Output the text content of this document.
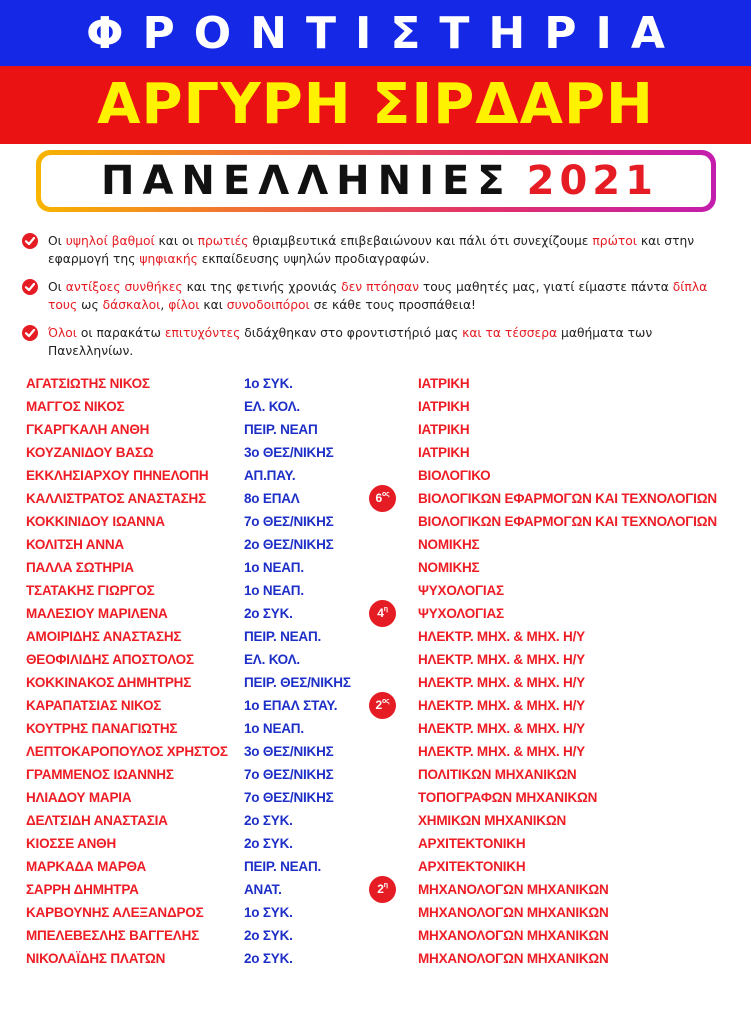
ΦΡΟΝΤΙΣΤΗΡΙΑ
ΑΡΓΥΡΗ ΣΙΡΔΑΡΗ
ΠΑΝΕΛΛΗΝΙΕΣ 2021
Οι υψηλοί βαθμοί και οι πρωτιές θριαμβευτικά επιβεβαιώνουν και πάλι ότι συνεχίζουμε πρώτοι και στην εφαρμογή της ψηφιακής εκπαίδευσης υψηλών προδιαγραφών.
Οι αντίξοες συνθήκες και της φετινής χρονιάς δεν πτόησαν τους μαθητές μας, γιατί είμαστε πάντα δίπλα τους ως δάσκαλοι, φίλοι και συνοδοιπόροι σε κάθε τους προσπάθεια!
Όλοι οι παρακάτω επιτυχόντες διδάχθηκαν στο φροντιστήριό μας και τα τέσσερα μαθήματα των Πανελληνίων.
ΑΓΑΤΣΙΩΤΗΣ ΝΙΚΟΣ	1ο ΣΥΚ.	ΙΑΤΡΙΚΗ
ΜΑΓΓΟΣ ΝΙΚΟΣ	ΕΛ. ΚΟΛ.	ΙΑΤΡΙΚΗ
ΓΚΑΡΓΚΑΛΗ ΑΝΘΗ	ΠΕΙΡ. ΝΕΑΠ	ΙΑΤΡΙΚΗ
ΚΟΥΖΑΝΙΔΟΥ ΒΑΣΩ	3ο ΘΕΣ/ΝΙΚΗΣ	ΙΑΤΡΙΚΗ
ΕΚΚΛΗΣΙΑΡΧΟΥ ΠΗΝΕΛΟΠΗ	ΑΠ.ΠΑΥ.	ΒΙΟΛΟΓΙΚΟ
ΚΑΛΛΙΣΤΡΑΤΟΣ ΑΝΑΣΤΑΣΗΣ	8ο ΕΠΑΛ	ΒΙΟΛΟΓΙΚΩΝ ΕΦΑΡΜΟΓΩΝ ΚΑΙ ΤΕΧΝΟΛΟΓΙΩΝ
$6^{o\varsigma}$
ΚΟΚΚΙΝΙΔΟΥ ΙΩΑΝΝΑ	7ο ΘΕΣ/ΝΙΚΗΣ	ΒΙΟΛΟΓΙΚΩΝ ΕΦΑΡΜΟΓΩΝ ΚΑΙ ΤΕΧΝΟΛΟΓΙΩΝ
ΚΟΛΙΤΣΗ ΑΝΝΑ	2ο ΘΕΣ/ΝΙΚΗΣ	ΝΟΜΙΚΗΣ
ΠΑΛΛΑ ΣΩΤΗΡΙΑ	1ο ΝΕΑΠ.	ΝΟΜΙΚΗΣ
ΤΣΑΤΑΚΗΣ ΓΙΩΡΓΟΣ	1ο ΝΕΑΠ.	ΨΥΧΟΛΟΓΙΑΣ
ΜΑΛΕΣΙΟΥ ΜΑΡΙΛΕΝΑ	2ο ΣΥΚ.	ΨΥΧΟΛΟΓΙΑΣ
$4^\eta$
ΑΜΟΙΡΙΔΗΣ ΑΝΑΣΤΑΣΗΣ	ΠΕΙΡ. ΝΕΑΠ.	ΗΛΕΚΤΡ. ΜΗΧ. & ΜΗΧ. Η/Υ
ΘΕΟΦΙΛΙΔΗΣ ΑΠΟΣΤΟΛΟΣ	ΕΛ. ΚΟΛ.	ΗΛΕΚΤΡ. ΜΗΧ. & ΜΗΧ. Η/Υ
ΚΟΚΚΙΝΑΚΟΣ ΔΗΜΗΤΡΗΣ	ΠΕΙΡ. ΘΕΣ/ΝΙΚΗΣ	ΗΛΕΚΤΡ. ΜΗΧ. & ΜΗΧ. Η/Υ
ΚΑΡΑΠΑΤΣΙΑΣ ΝΙΚΟΣ	1ο ΕΠΑΛ ΣΤΑΥ.	ΗΛΕΚΤΡ. ΜΗΧ. & ΜΗΧ. Η/Υ
$2^{o\varsigma}$
ΚΟΥΤΡΗΣ ΠΑΝΑΓΙΩΤΗΣ	1ο ΝΕΑΠ.	ΗΛΕΚΤΡ. ΜΗΧ. & ΜΗΧ. Η/Υ
ΛΕΠΤΟΚΑΡΟΠΟΥΛΟΣ ΧΡΗΣΤΟΣ 3ο ΘΕΣ/ΝΙΚΗΣ	ΗΛΕΚΤΡ. ΜΗΧ. & ΜΗΧ. Η/Υ
ΓΡΑΜΜΕΝΟΣ ΙΩΑΝΝΗΣ	7ο ΘΕΣ/ΝΙΚΗΣ	ΠΟΛΙΤΙΚΩΝ ΜΗΧΑΝΙΚΩΝ
ΗΛΙΑΔΟΥ ΜΑΡΙΑ	7ο ΘΕΣ/ΝΙΚΗΣ	ΤΟΠΟΓΡΑΦΩΝ ΜΗΧΑΝΙΚΩΝ
ΔΕΛΤΣΙΔΗ ΑΝΑΣΤΑΣΙΑ	2ο ΣΥΚ.	ΧΗΜΙΚΩΝ ΜΗΧΑΝΙΚΩΝ
ΚΙΟΣΣΕ ΑΝΘΗ	2ο ΣΥΚ.	ΑΡΧΙΤΕΚΤΟΝΙΚΗ
ΜΑΡΚΑΔΑ ΜΑΡΘΑ	ΠΕΙΡ. ΝΕΑΠ.	ΑΡΧΙΤΕΚΤΟΝΙΚΗ
ΣΑΡΡΗ ΔΗΜΗΤΡΑ	ΑΝΑΤ.	ΜΗΧΑΝΟΛΟΓΩΝ ΜΗΧΑΝΙΚΩΝ
$2^\eta$
ΚΑΡΒΟΥΝΗΣ ΑΛΕΞΑΝΔΡΟΣ	1ο ΣΥΚ.	ΜΗΧΑΝΟΛΟΓΩΝ ΜΗΧΑΝΙΚΩΝ
ΜΠΕΛΕΒΕΣΛΗΣ ΒΑΓΓΕΛΗΣ	2ο ΣΥΚ.	ΜΗΧΑΝΟΛΟΓΩΝ ΜΗΧΑΝΙΚΩΝ
ΝΙΚΟΛΑΪΔΗΣ ΠΛΑΤΩΝ	2ο ΣΥΚ.	ΜΗΧΑΝΟΛΟΓΩΝ ΜΗΧΑΝΙΚΩΝ
